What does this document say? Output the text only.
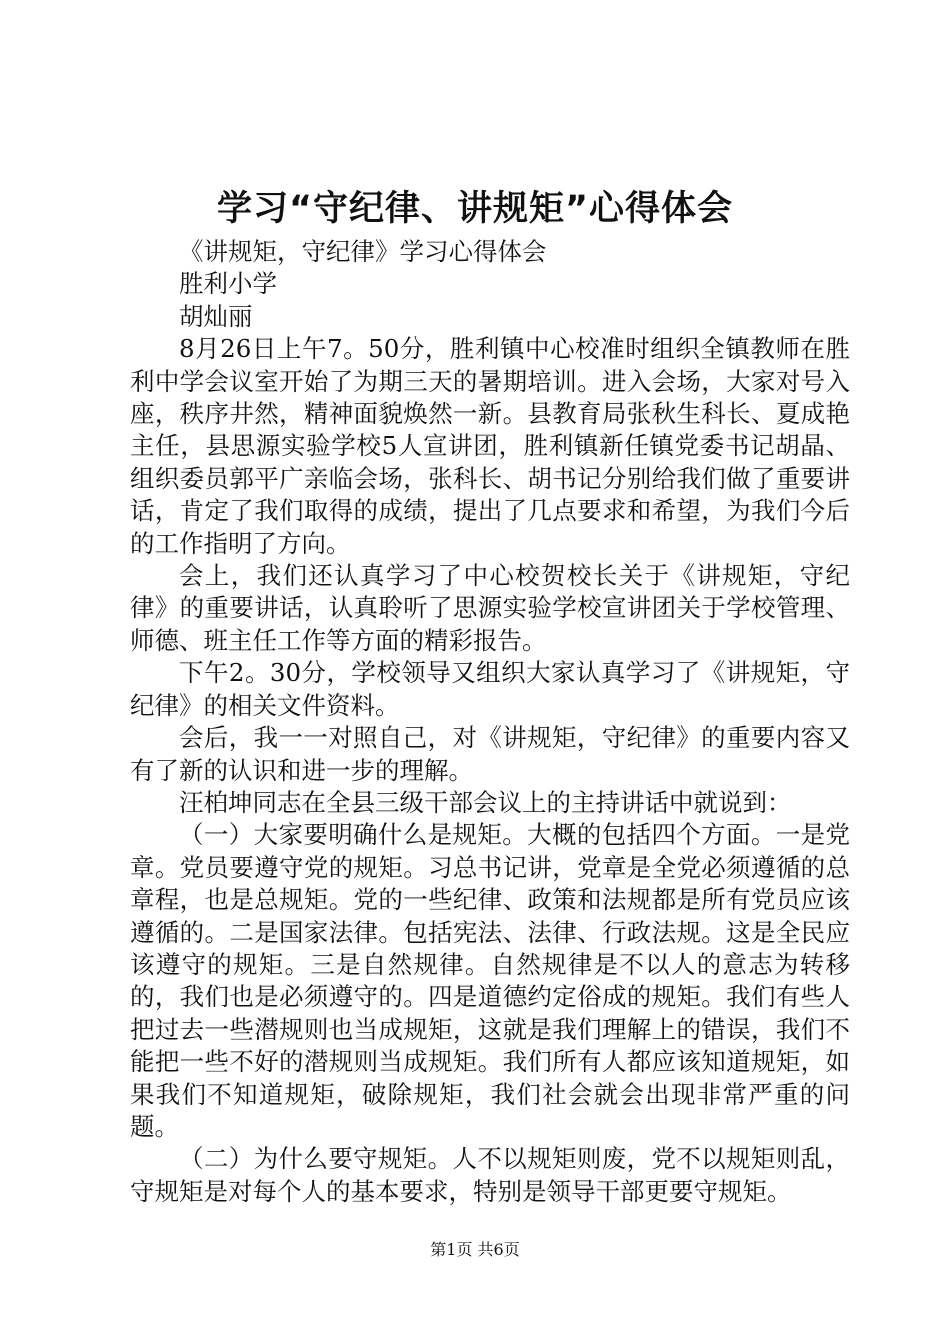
学习“守纪律、讲规矩”心得体会

《讲规矩，守纪律》学习心得体会

胜利小学

胡灿丽

8月26日上午7。50分，胜利镇中心校准时组织全镇教师在胜利中学会议室开始了为期三天的暑期培训。进入会场，大家对号入座，秩序井然，精神面貌焕然一新。县教育局张秋生科长、夏成艳主任，县思源实验学校5人宣讲团，胜利镇新任镇党委书记胡晶、组织委员郭平广亲临会场，张科长、胡书记分别给我们做了重要讲话，肯定了我们取得的成绩，提出了几点要求和希望，为我们今后的工作指明了方向。

会上，我们还认真学习了中心校贺校长关于《讲规矩，守纪律》的重要讲话，认真聆听了思源实验学校宣讲团关于学校管理、师德、班主任工作等方面的精彩报告。

下午2。30分，学校领导又组织大家认真学习了《讲规矩，守纪律》的相关文件资料。

会后，我一一对照自己，对《讲规矩，守纪律》的重要内容又有了新的认识和进一步的理解。

汪柏坤同志在全县三级干部会议上的主持讲话中就说到：

（一）大家要明确什么是规矩。大概的包括四个方面。一是党章。党员要遵守党的规矩。习总书记讲，党章是全党必须遵循的总章程，也是总规矩。党的一些纪律、政策和法规都是所有党员应该遵循的。二是国家法律。包括宪法、法律、行政法规。这是全民应该遵守的规矩。三是自然规律。自然规律是不以人的意志为转移的，我们也是必须遵守的。四是道德约定俗成的规矩。我们有些人把过去一些潜规则也当成规矩，这就是我们理解上的错误，我们不能把一些不好的潜规则当成规矩。我们所有人都应该知道规矩，如果我们不知道规矩，破除规矩，我们社会就会出现非常严重的问题。

（二）为什么要守规矩。人不以规矩则废，党不以规矩则乱，守规矩是对每个人的基本要求，特别是领导干部更要守规矩。

第1页 共6页
